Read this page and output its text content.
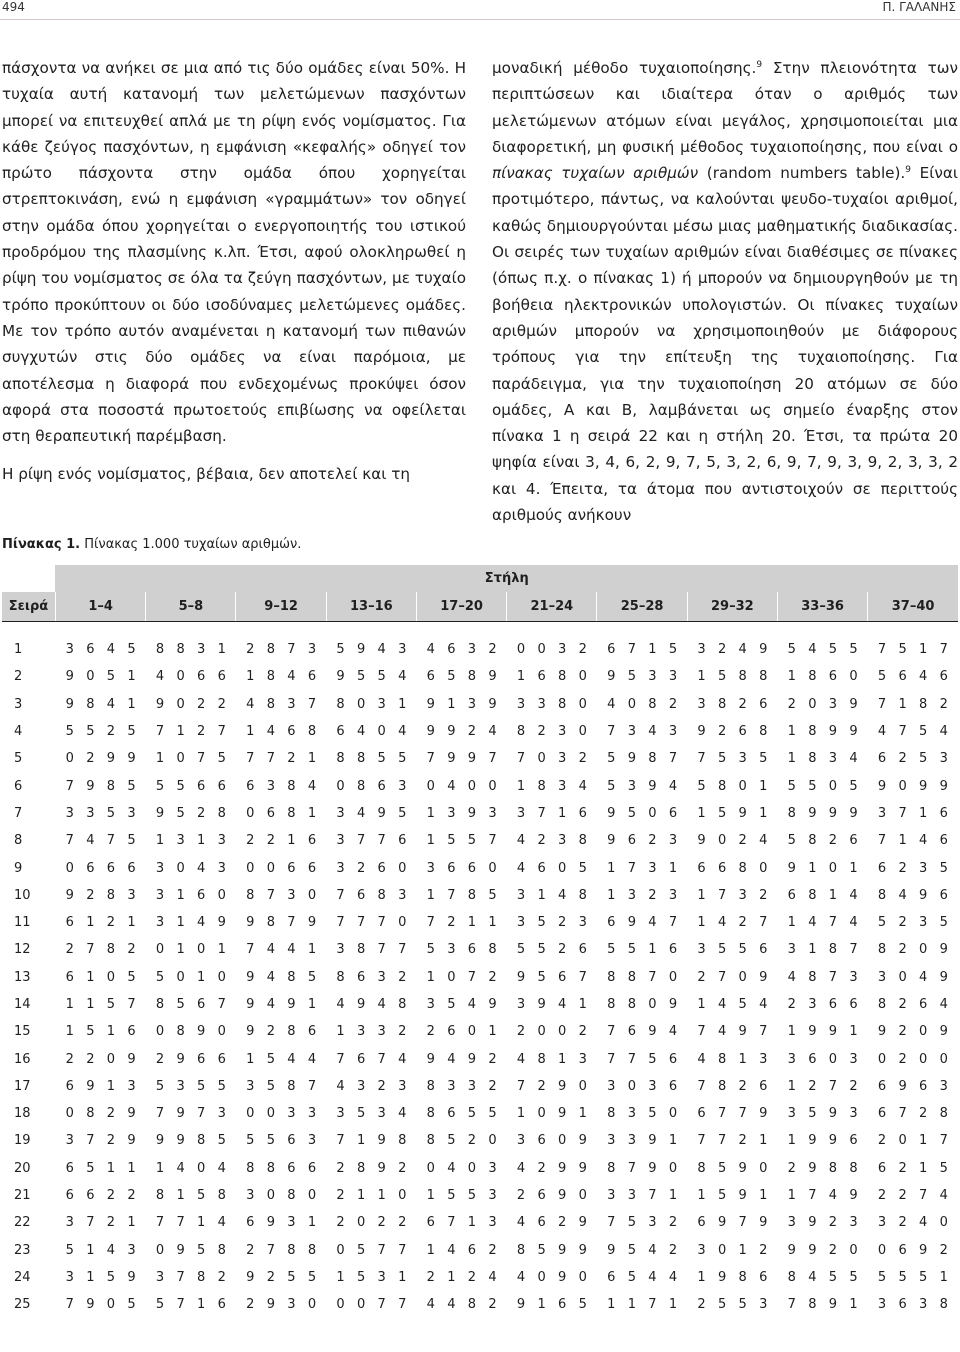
494	Π. ΓΑΛΑΝΗΣ

πάσχοντα να ανήκει σε μια από τις δύο ομάδες είναι 50%. Η τυχαία αυτή κατανομή των μελετώμενων πασχόντων μπορεί να επιτευχθεί απλά με τη ρίψη ενός νομίσματος. Για κάθε ζεύγος πασχόντων, η εμφάνιση «κεφαλής» οδηγεί τον πρώτο πάσχοντα στην ομάδα όπου χορηγείται στρεπτοκινάση, ενώ η εμφάνιση «γραμμάτων» τον οδηγεί στην ομάδα όπου χορηγείται ο ενεργοποιητής του ιστικού προδρόμου της πλασμίνης κ.λπ. Έτσι, αφού ολοκληρωθεί η ρίψη του νομίσματος σε όλα τα ζεύγη πασχόντων, με τυχαίο τρόπο προκύπτουν οι δύο ισοδύναμες μελετώμενες ομάδες. Με τον τρόπο αυτόν αναμένεται η κατανομή των πιθανών συγχυτών στις δύο ομάδες να είναι παρόμοια, με αποτέλεσμα η διαφορά που ενδεχομένως προκύψει όσον αφορά στα ποσοστά πρωτοετούς επιβίωσης να οφείλεται στη θεραπευτική παρέμβαση.

Η ρίψη ενός νομίσματος, βέβαια, δεν αποτελεί και τη

μοναδική μέθοδο τυχαιοποίησης.$^9$ Στην πλειονότητα των περιπτώσεων και ιδιαίτερα όταν ο αριθμός των μελετώμενων ατόμων είναι μεγάλος, χρησιμοποιείται μια διαφορετική, μη φυσική μέθοδος τυχαιοποίησης, που είναι ο πίνακας τυχαίων αριθμών (random numbers table).$^9$ Είναι προτιμότερο, πάντως, να καλούνται ψευδο-τυχαίοι αριθμοί, καθώς δημιουργούνται μέσω μιας μαθηματικής διαδικασίας. Οι σειρές των τυχαίων αριθμών είναι διαθέσιμες σε πίνακες (όπως π.χ. ο πίνακας 1) ή μπορούν να δημιουργηθούν με τη βοήθεια ηλεκτρονικών υπολογιστών. Οι πίνακες τυχαίων αριθμών μπορούν να χρησιμοποιηθούν με διάφορους τρόπους για την επίτευξη της τυχαιοποίησης. Για παράδειγμα, για την τυχαιοποίηση 20 ατόμων σε δύο ομάδες, Α και Β, λαμβάνεται ως σημείο έναρξης στον πίνακα 1 η σειρά 22 και η στήλη 20. Έτσι, τα πρώτα 20 ψηφία είναι 3, 4, 6, 2, 9, 7, 5, 3, 2, 6, 9, 7, 9, 3, 9, 2, 3, 3, 2 και 4. Έπειτα, τα άτομα που αντιστοιχούν σε περιττούς αριθμούς ανήκουν

Πίνακας 1. Πίνακας 1.000 τυχαίων αριθμών.
	Στήλη									
Σειρά	1–4	5–8	9–12	13–16	17–20	21–24	25–28	29–32	33–36	37–40

1	3 6 4 5	8 8 3 1	2 8 7 3	5 9 4 3	4 6 3 2	0 0 3 2	6 7 1 5	3 2 4 9	5 4 5 5	7 5 1 7

2	9 0 5 1	4 0 6 6	1 8 4 6	9 5 5 4	6 5 8 9	1 6 8 0	9 5 3 3	1 5 8 8	1 8 6 0	5 6 4 6

3	9 8 4 1	9 0 2 2	4 8 3 7	8 0 3 1	9 1 3 9	3 3 8 0	4 0 8 2	3 8 2 6	2 0 3 9	7 1 8 2

4	5 5 2 5	7 1 2 7	1 4 6 8	6 4 0 4	9 9 2 4	8 2 3 0	7 3 4 3	9 2 6 8	1 8 9 9	4 7 5 4

5	0 2 9 9	1 0 7 5	7 7 2 1	8 8 5 5	7 9 9 7	7 0 3 2	5 9 8 7	7 5 3 5	1 8 3 4	6 2 5 3

6	7 9 8 5	5 5 6 6	6 3 8 4	0 8 6 3	0 4 0 0	1 8 3 4	5 3 9 4	5 8 0 1	5 5 0 5	9 0 9 9

7	3 3 5 3	9 5 2 8	0 6 8 1	3 4 9 5	1 3 9 3	3 7 1 6	9 5 0 6	1 5 9 1	8 9 9 9	3 7 1 6

8	7 4 7 5	1 3 1 3	2 2 1 6	3 7 7 6	1 5 5 7	4 2 3 8	9 6 2 3	9 0 2 4	5 8 2 6	7 1 4 6

9	0 6 6 6	3 0 4 3	0 0 6 6	3 2 6 0	3 6 6 0	4 6 0 5	1 7 3 1	6 6 8 0	9 1 0 1	6 2 3 5

10	9 2 8 3	3 1 6 0	8 7 3 0	7 6 8 3	1 7 8 5	3 1 4 8	1 3 2 3	1 7 3 2	6 8 1 4	8 4 9 6

11	6 1 2 1	3 1 4 9	9 8 7 9	7 7 7 0	7 2 1 1	3 5 2 3	6 9 4 7	1 4 2 7	1 4 7 4	5 2 3 5

12	2 7 8 2	0 1 0 1	7 4 4 1	3 8 7 7	5 3 6 8	5 5 2 6	5 5 1 6	3 5 5 6	3 1 8 7	8 2 0 9

13	6 1 0 5	5 0 1 0	9 4 8 5	8 6 3 2	1 0 7 2	9 5 6 7	8 8 7 0	2 7 0 9	4 8 7 3	3 0 4 9

14	1 1 5 7	8 5 6 7	9 4 9 1	4 9 4 8	3 5 4 9	3 9 4 1	8 8 0 9	1 4 5 4	2 3 6 6	8 2 6 4

15	1 5 1 6	0 8 9 0	9 2 8 6	1 3 3 2	2 6 0 1	2 0 0 2	7 6 9 4	7 4 9 7	1 9 9 1	9 2 0 9

16	2 2 0 9	2 9 6 6	1 5 4 4	7 6 7 4	9 4 9 2	4 8 1 3	7 7 5 6	4 8 1 3	3 6 0 3	0 2 0 0

17	6 9 1 3	5 3 5 5	3 5 8 7	4 3 2 3	8 3 3 2	7 2 9 0	3 0 3 6	7 8 2 6	1 2 7 2	6 9 6 3

18	0 8 2 9	7 9 7 3	0 0 3 3	3 5 3 4	8 6 5 5	1 0 9 1	8 3 5 0	6 7 7 9	3 5 9 3	6 7 2 8

19	3 7 2 9	9 9 8 5	5 5 6 3	7 1 9 8	8 5 2 0	3 6 0 9	3 3 9 1	7 7 2 1	1 9 9 6	2 0 1 7

20	6 5 1 1	1 4 0 4	8 8 6 6	2 8 9 2	0 4 0 3	4 2 9 9	8 7 9 0	8 5 9 0	2 9 8 8	6 2 1 5

21	6 6 2 2	8 1 5 8	3 0 8 0	2 1 1 0	1 5 5 3	2 6 9 0	3 3 7 1	1 5 9 1	1 7 4 9	2 2 7 4

22	3 7 2 1	7 7 1 4	6 9 3 1	2 0 2 2	6 7 1 3	4 6 2 9	7 5 3 2	6 9 7 9	3 9 2 3	3 2 4 0

23	5 1 4 3	0 9 5 8	2 7 8 8	0 5 7 7	1 4 6 2	8 5 9 9	9 5 4 2	3 0 1 2	9 9 2 0	0 6 9 2

24	3 1 5 9	3 7 8 2	9 2 5 5	1 5 3 1	2 1 2 4	4 0 9 0	6 5 4 4	1 9 8 6	8 4 5 5	5 5 5 1

25	7 9 0 5	5 7 1 6	2 9 3 0	0 0 7 7	4 4 8 2	9 1 6 5	1 1 7 1	2 5 5 3	7 8 9 1	3 6 3 8
